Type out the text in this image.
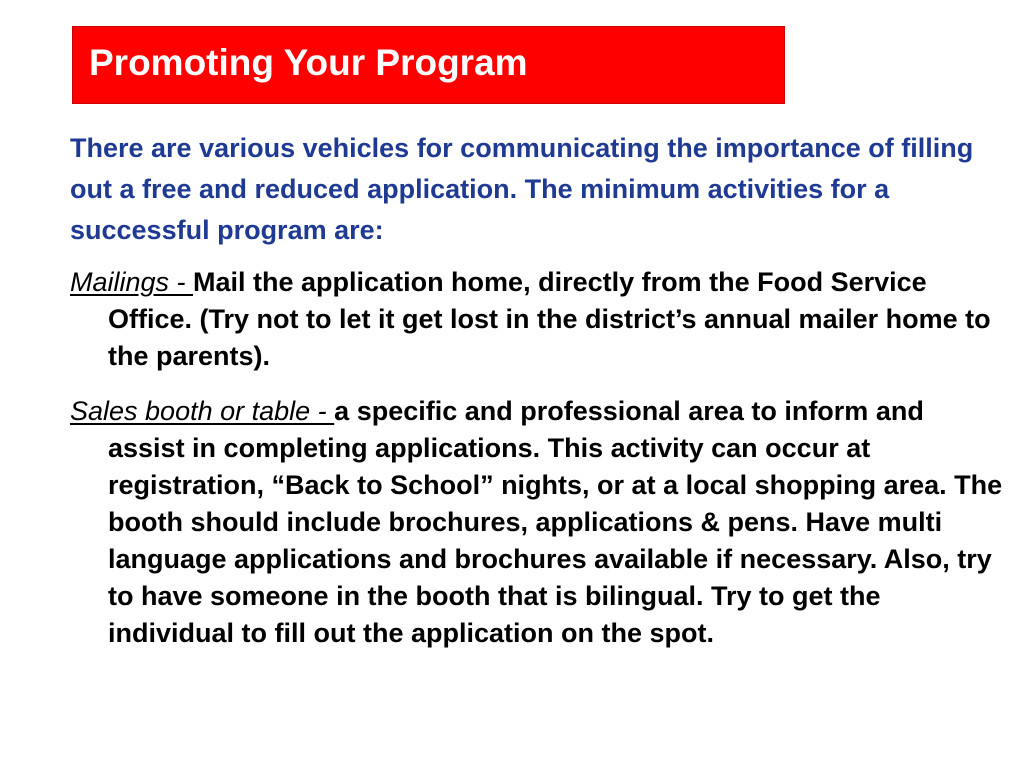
Promoting Your Program

There are various vehicles for communicating the importance of filling out a free and reduced application. The minimum activities for a successful program are:

Mailings - Mail the application home, directly from the Food Service Office. (Try not to let it get lost in the district’s annual mailer home to the parents).

Sales booth or table - a specific and professional area to inform and assist in completing applications. This activity can occur at registration, “Back to School” nights, or at a local shopping area. The booth should include brochures, applications & pens. Have multi language applications and brochures available if necessary. Also, try to have someone in the booth that is bilingual. Try to get the individual to fill out the application on the spot.
